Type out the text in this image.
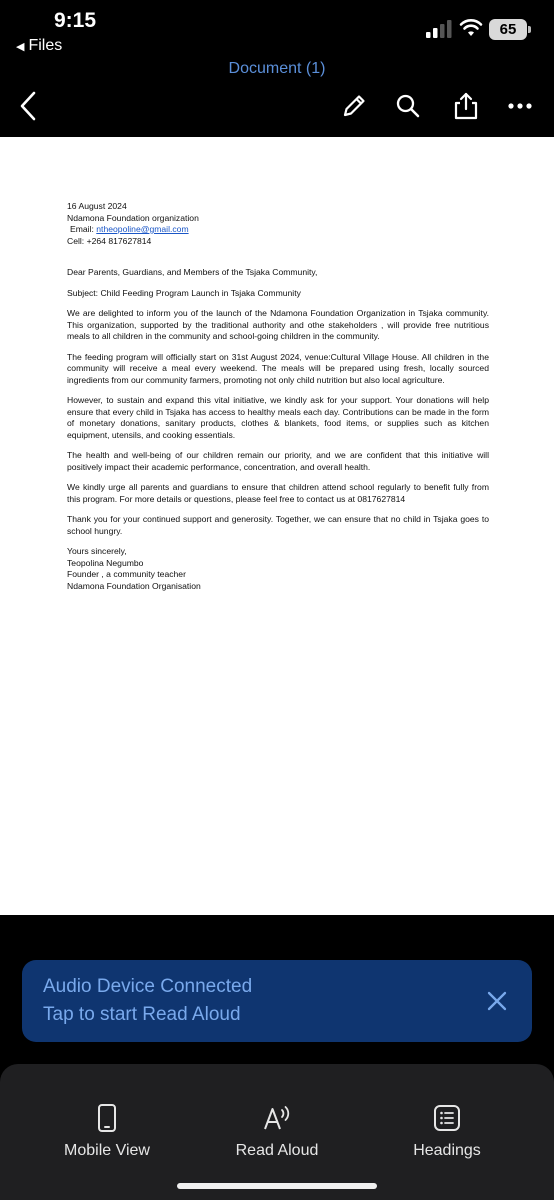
9:15
◀ Files
65
Document (1)

16 August 2024
Ndamona Foundation organization
Email: ntheopoline@gmail.com
Cell: +264 817627814

Dear Parents, Guardians, and Members of the Tsjaka Community,

Subject: Child Feeding Program Launch in Tsjaka Community

We are delighted to inform you of the launch of the Ndamona Foundation Organization in Tsjaka community. This organization, supported by the traditional authority and othe stakeholders , will provide free nutritious meals to all children in the community and school-going children in the community.

The feeding program will officially start on 31st August 2024, venue:Cultural Village House. All children in the community will receive a meal every weekend. The meals will be prepared using fresh, locally sourced ingredients from our community farmers, promoting not only child nutrition but also local agriculture.

However, to sustain and expand this vital initiative, we kindly ask for your support. Your donations will help ensure that every child in Tsjaka has access to healthy meals each day. Contributions can be made in the form of monetary donations, sanitary products, clothes & blankets, food items, or supplies such as kitchen equipment, utensils, and cooking essentials.

The health and well-being of our children remain our priority, and we are confident that this initiative will positively impact their academic performance, concentration, and overall health.

We kindly urge all parents and guardians to ensure that children attend school regularly to benefit fully from this program. For more details or questions, please feel free to contact us at 0817627814

Thank you for your continued support and generosity. Together, we can ensure that no child in Tsjaka goes to school hungry.

Yours sincerely,
Teopolina Negumbo
Founder , a community teacher
Ndamona Foundation Organisation

Audio Device Connected
Tap to start Read Aloud
Mobile View	Read Aloud	Headings
